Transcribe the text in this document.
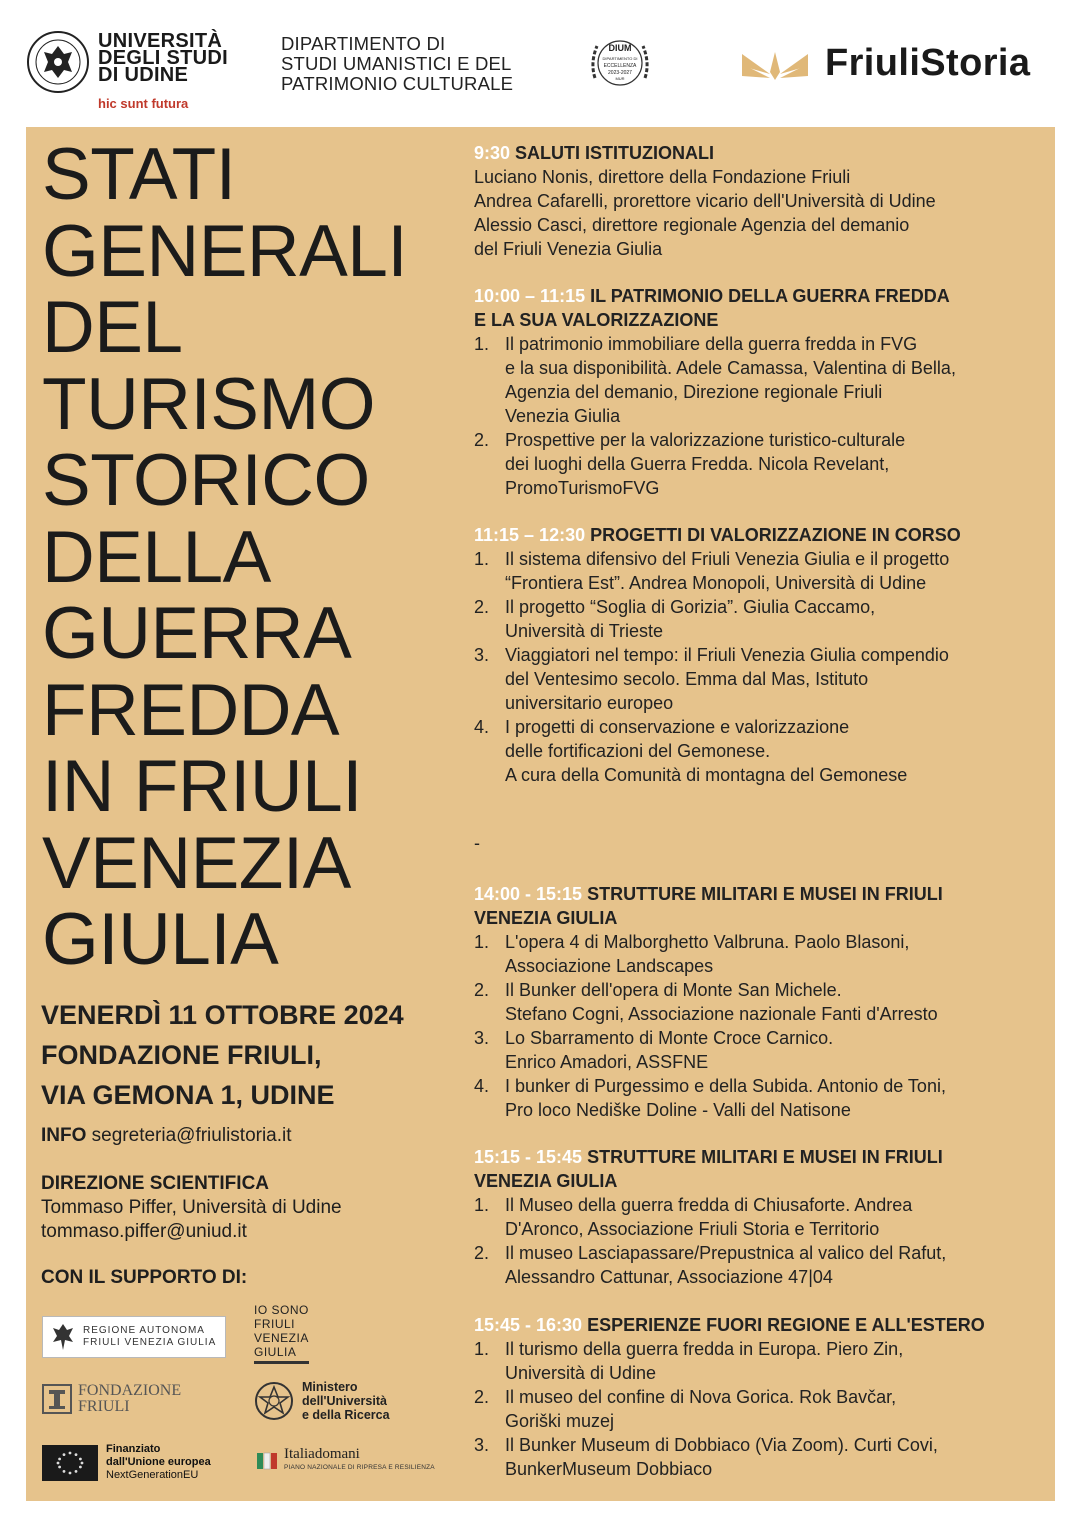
UNIVERSITÀ
DEGLI STUDI
DI UDINE
hic sunt futura
DIPARTIMENTO DI
STUDI UMANISTICI E DEL
PATRIMONIO CULTURALE
DIUM
DIPARTIMENTO DI
ECCELLENZA
2023-2027
MUR	FriuliStoria
STATI
GENERALI
DEL
TURISMO
STORICO
DELLA
GUERRA
FREDDA
IN FRIULI
VENEZIA
GIULIA
VENERDÌ 11 OTTOBRE 2024
FONDAZIONE FRIULI,
VIA GEMONA 1, UDINE
INFO segreteria@friulistoria.it
DIREZIONE SCIENTIFICA
Tommaso Piffer, Università di Udine
tommaso.piffer@uniud.it
CON IL SUPPORTO DI:
REGIONE AUTONOMA
FRIULI VENEZIA GIULIA
IO SONO
FRIULI
VENEZIA
GIULIA
FONDAZIONE
FRIULI
Ministero
dell'Università
e della Ricerca
Finanziato
dall'Unione europea
NextGenerationEU
Italiadomani
PIANO NAZIONALE DI RIPRESA E RESILIENZA

9:30 SALUTI ISTITUZIONALI

Luciano Nonis, direttore della Fondazione Friuli

Andrea Cafarelli, prorettore vicario dell'Università di Udine

Alessio Casci, direttore regionale Agenzia del demanio

del Friuli Venezia Giulia

10:00 – 11:15 IL PATRIMONIO DELLA GUERRA FREDDA

E LA SUA VALORIZZAZIONE

1. Il patrimonio immobiliare della guerra fredda in FVG
e la sua disponibilità. Adele Camassa, Valentina di Bella,
Agenzia del demanio, Direzione regionale Friuli
Venezia Giulia
2. Prospettive per la valorizzazione turistico-culturale
dei luoghi della Guerra Fredda. Nicola Revelant,
PromoTurismoFVG

11:15 – 12:30 PROGETTI DI VALORIZZAZIONE IN CORSO

1. Il sistema difensivo del Friuli Venezia Giulia e il progetto
“Frontiera Est”. Andrea Monopoli, Università di Udine
2. Il progetto “Soglia di Gorizia”. Giulia Caccamo,
Università di Trieste
3. Viaggiatori nel tempo: il Friuli Venezia Giulia compendio
del Ventesimo secolo. Emma dal Mas, Istituto
universitario europeo
4. I progetti di conservazione e valorizzazione
delle fortificazioni del Gemonese.
A cura della Comunità di montagna del Gemonese

14:00 - 15:15 STRUTTURE MILITARI E MUSEI IN FRIULI

VENEZIA GIULIA

1. L'opera 4 di Malborghetto Valbruna. Paolo Blasoni,
Associazione Landscapes
2. Il Bunker dell'opera di Monte San Michele.
Stefano Cogni, Associazione nazionale Fanti d'Arresto
3. Lo Sbarramento di Monte Croce Carnico.
Enrico Amadori, ASSFNE
4. I bunker di Purgessimo e della Subida. Antonio de Toni,
Pro loco Nediške Doline - Valli del Natisone

15:15 - 15:45 STRUTTURE MILITARI E MUSEI IN FRIULI

VENEZIA GIULIA

1. Il Museo della guerra fredda di Chiusaforte. Andrea
D'Aronco, Associazione Friuli Storia e Territorio
2. Il museo Lasciapassare/Prepustnica al valico del Rafut,
Alessandro Cattunar, Associazione 47|04

15:45 - 16:30 ESPERIENZE FUORI REGIONE E ALL'ESTERO

1. Il turismo della guerra fredda in Europa. Piero Zin,
Università di Udine
2. Il museo del confine di Nova Gorica. Rok Bavčar,
Goriški muzej
3. Il Bunker Museum di Dobbiaco (Via Zoom). Curti Covi,
BunkerMuseum Dobbiaco
-
